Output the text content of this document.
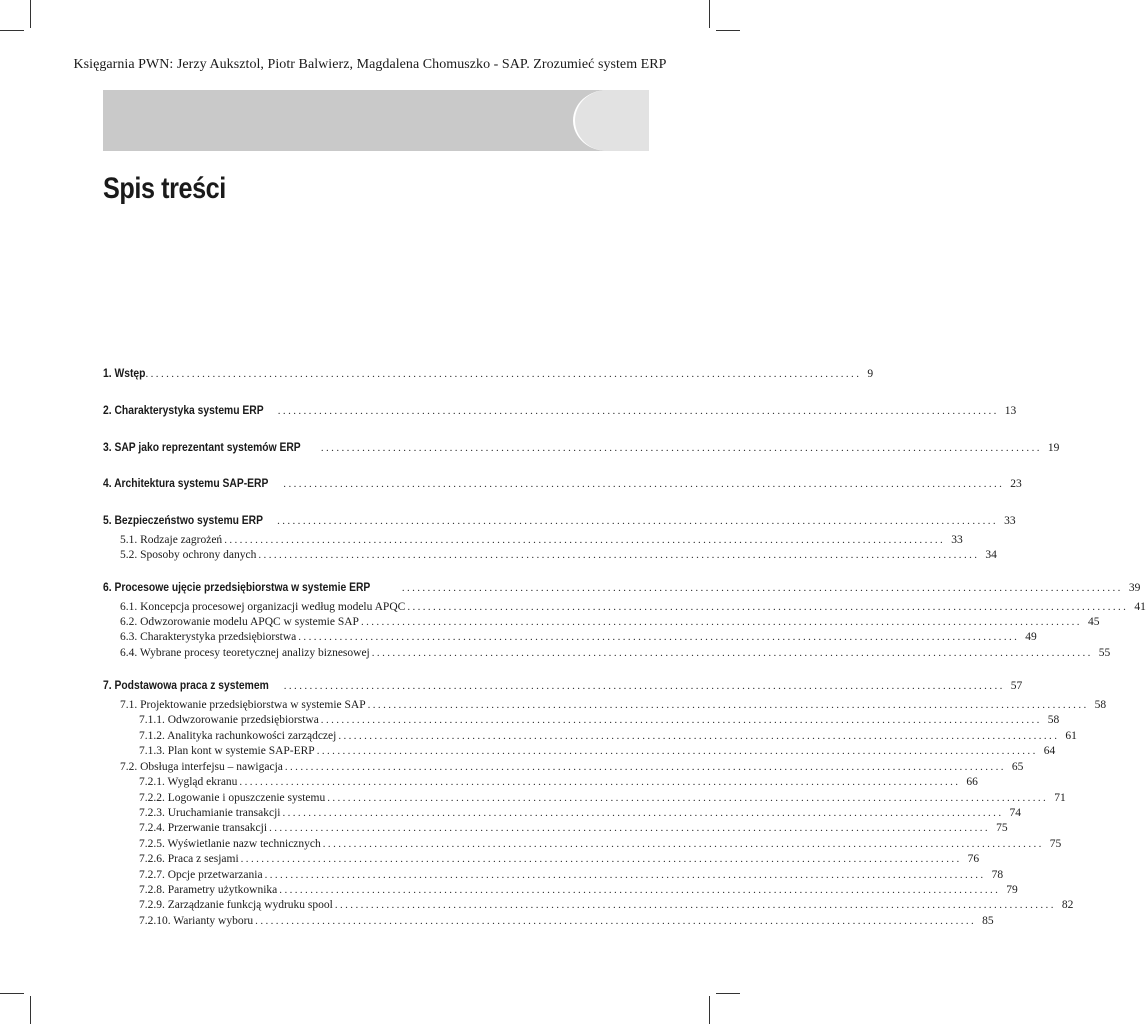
Księgarnia PWN: Jerzy Auksztol, Piotr Balwierz, Magdalena Chomuszko - SAP. Zrozumieć system ERP
Spis treści
1. Wstęp
............................................................................................................................................ 9
2. Charakterystyka systemu ERP ............................................................................................................................................ 13
3. SAP jako reprezentant systemów ERP ............................................................................................................................................ 19
4. Architektura systemu SAP-ERP ............................................................................................................................................ 23
5. Bezpieczeństwo systemu ERP ............................................................................................................................................ 33
5.1. Rodzaje zagrożeń ............................................................................................................................................ 33
5.2. Sposoby ochrony danych ............................................................................................................................................ 34
6. Procesowe ujęcie przedsiębiorstwa w systemie ERP	............................................................................................................................................ 39
6.1. Koncepcja procesowej organizacji według modelu APQC ............................................................................................................................................ 41
6.2. Odwzorowanie modelu APQC w systemie SAP ............................................................................................................................................ 45
6.3. Charakterystyka przedsiębiorstwa ............................................................................................................................................ 49
6.4. Wybrane procesy teoretycznej analizy biznesowej ............................................................................................................................................ 55
7. Podstawowa praca z systemem ............................................................................................................................................ 57
7.1. Projektowanie przedsiębiorstwa w systemie SAP ............................................................................................................................................ 58
7.1.1. Odwzorowanie przedsiębiorstwa ............................................................................................................................................ 58
7.1.2. Analityka rachunkowości zarządczej ............................................................................................................................................ 61
7.1.3. Plan kont w systemie SAP-ERP ............................................................................................................................................ 64
7.2. Obsługa interfejsu – nawigacja ............................................................................................................................................ 65
7.2.1. Wygląd ekranu ............................................................................................................................................ 66
7.2.2. Logowanie i opuszczenie systemu ............................................................................................................................................ 71
7.2.3. Uruchamianie transakcji ............................................................................................................................................ 74
7.2.4. Przerwanie transakcji ............................................................................................................................................ 75
7.2.5. Wyświetlanie nazw technicznych ............................................................................................................................................ 75
7.2.6. Praca z sesjami ............................................................................................................................................ 76
7.2.7. Opcje przetwarzania ............................................................................................................................................ 78
7.2.8. Parametry użytkownika ............................................................................................................................................ 79
7.2.9. Zarządzanie funkcją wydruku spool ............................................................................................................................................ 82
7.2.10. Warianty wyboru ............................................................................................................................................ 85
